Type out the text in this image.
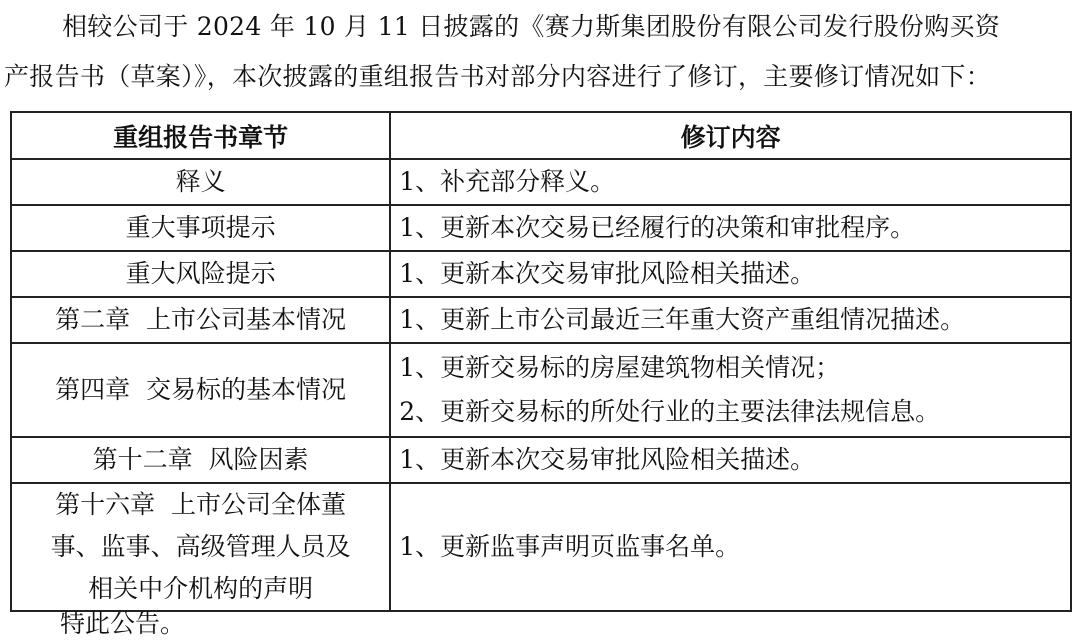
相较公司于 2024 年 10 月 11 日披露的《赛力斯集团股份有限公司发行股份购买资
产报告书（草案）》，本次披露的重组报告书对部分内容进行了修订，主要修订情况如下：
重组报告书章节	修订内容
释义	1、补充部分释义。

重大事项提示	1、更新本次交易已经履行的决策和审批程序。

重大风险提示	1、更新本次交易审批风险相关描述。

第二章  上市公司基本情况	1、更新上市公司最近三年重大资产重组情况描述。

第四章  交易标的基本情况	1、更新交易标的房屋建筑物相关情况；
2、更新交易标的所处行业的主要法律法规信息。

第十二章  风险因素	1、更新本次交易审批风险相关描述。

第十六章  上市公司全体董
事、监事、高级管理人员及
相关中介机构的声明	1、更新监事声明页监事名单。
特此公告。
